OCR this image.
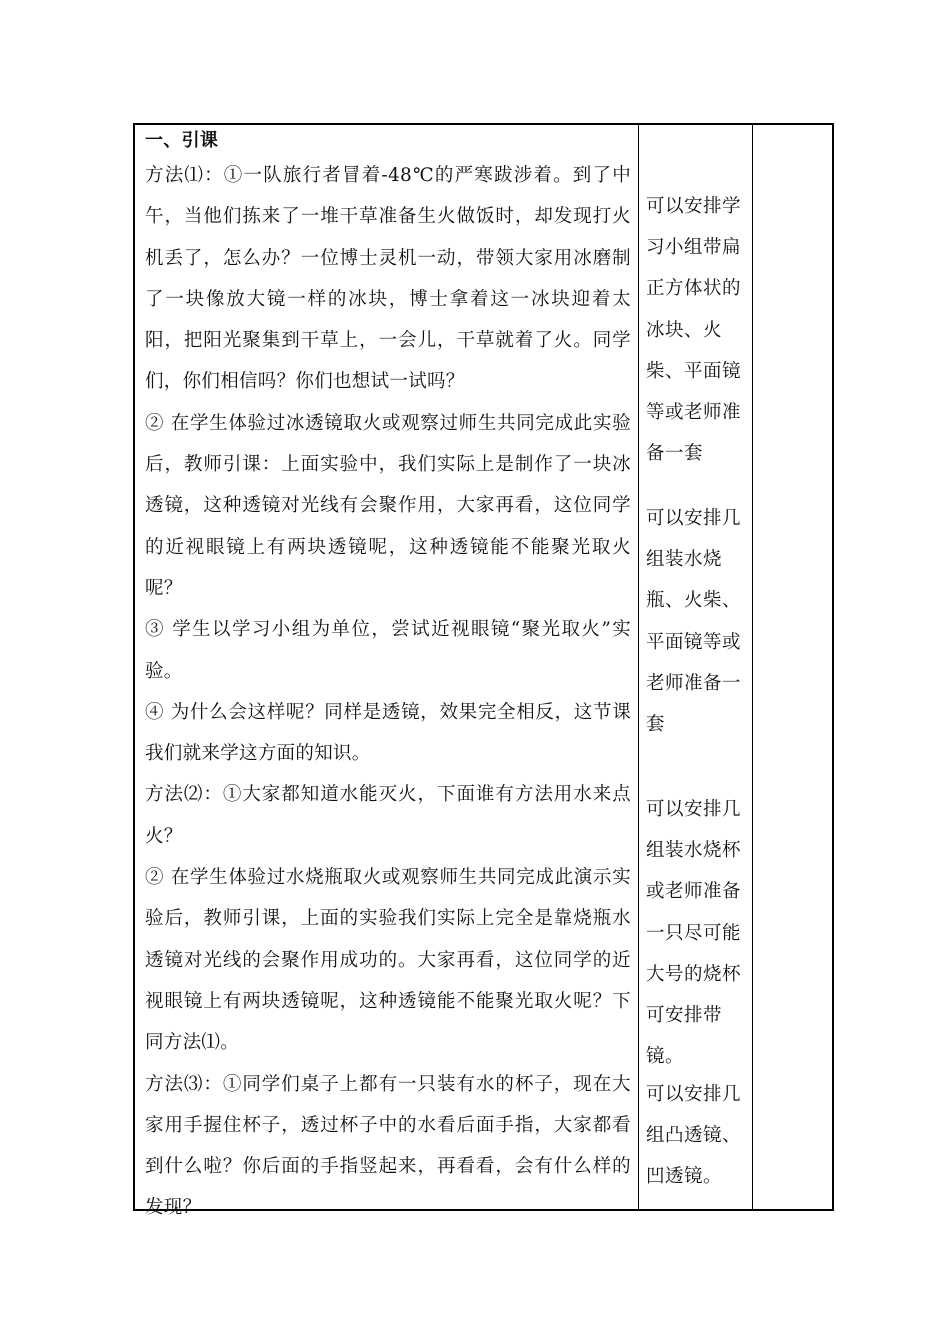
一、引课

方法⑴：①一队旅行者冒着-48℃的严寒跋涉着。到了中午，当他们拣来了一堆干草准备生火做饭时，却发现打火机丢了，怎么办？一位博士灵机一动，带领大家用冰磨制了一块像放大镜一样的冰块，博士拿着这一冰块迎着太阳，把阳光聚集到干草上，一会儿，干草就着了火。同学们，你们相信吗？你们也想试一试吗？

② 在学生体验过冰透镜取火或观察过师生共同完成此实验后，教师引课：上面实验中，我们实际上是制作了一块冰透镜，这种透镜对光线有会聚作用，大家再看，这位同学的近视眼镜上有两块透镜呢，这种透镜能不能聚光取火呢？

③ 学生以学习小组为单位，尝试近视眼镜“聚光取火”实验。

④ 为什么会这样呢？同样是透镜，效果完全相反，这节课我们就来学这方面的知识。

方法⑵：①大家都知道水能灭火，下面谁有方法用水来点火？

② 在学生体验过水烧瓶取火或观察师生共同完成此演示实验后，教师引课，上面的实验我们实际上完全是靠烧瓶水透镜对光线的会聚作用成功的。大家再看，这位同学的近视眼镜上有两块透镜呢，这种透镜能不能聚光取火呢？下同方法⑴。

方法⑶：①同学们桌子上都有一只装有水的杯子，现在大家用手握住杯子，透过杯子中的水看后面手指，大家都看到什么啦？你后面的手指竖起来，再看看，会有什么样的发现？

可以安排学习小组带扁正方体状的冰块、火柴、平面镜等或老师准备一套

可以安排几组装水烧瓶、火柴、平面镜等或老师准备一套

可以安排几组装水烧杯或老师准备一只尽可能大号的烧杯可安排带镜。

可以安排几组凸透镜、凹透镜。
